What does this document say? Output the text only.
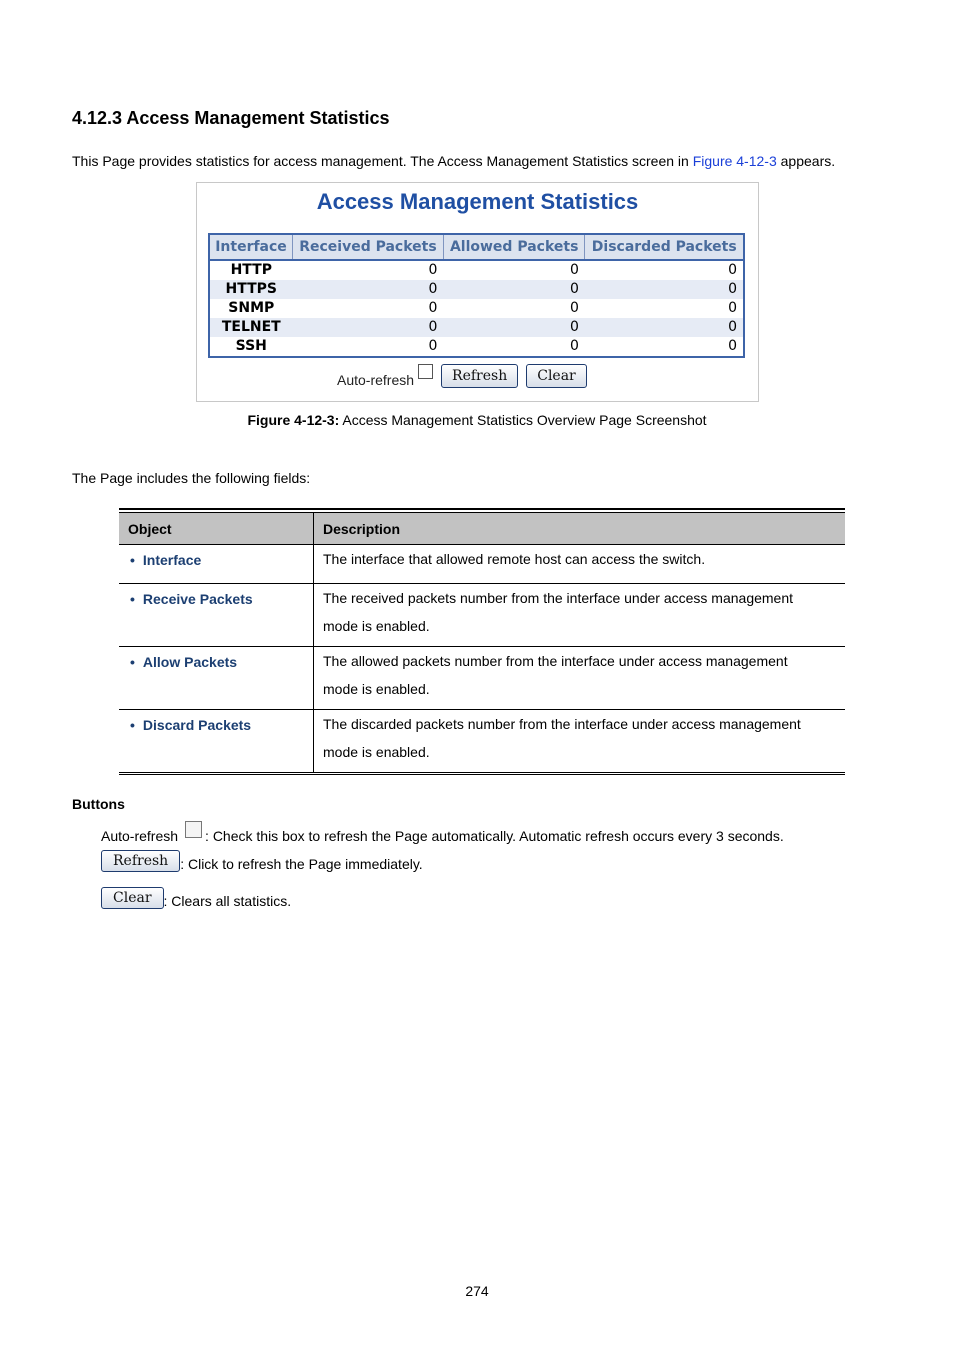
4.12.3 Access Management Statistics
This Page provides statistics for access management. The Access Management Statistics screen in Figure 4-12-3 appears.
Access Management Statistics
Interface	Received Packets	Allowed Packets	Discarded Packets
HTTP	0	0	0
HTTPS	0	0	0
SNMP	0	0	0
TELNET	0	0	0
SSH	0	0	0
Auto-refresh	Refresh	Clear
Figure 4-12-3: Access Management Statistics Overview Page Screenshot
The Page includes the following fields:
Object	Description
• Interface	The interface that allowed remote host can access the switch.

• Receive Packets	The received packets number from the interface under access management
mode is enabled.

• Allow Packets	The allowed packets number from the interface under access management
mode is enabled.

• Discard Packets	The discarded packets number from the interface under access management
mode is enabled.
Buttons
Auto-refresh : Check this box to refresh the Page automatically. Automatic refresh occurs every 3 seconds.
Refresh : Click to refresh the Page immediately.
Clear : Clears all statistics.
274
